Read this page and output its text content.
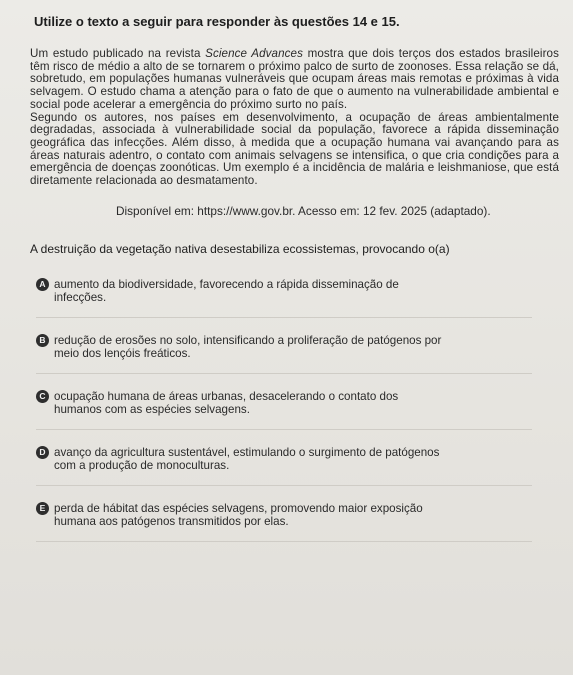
Utilize o texto a seguir para responder às questões 14 e 15.
Um estudo publicado na revista Science Advances mostra que dois terços dos estados brasileiros têm risco de médio a alto de se tornarem o próximo palco de surto de zoonoses. Essa relação se dá, sobretudo, em populações humanas vulneráveis que ocupam áreas mais remotas e próximas à vida selvagem. O estudo chama a atenção para o fato de que o aumento na vulnerabilidade ambiental e social pode acelerar a emergência do próximo surto no país.
Segundo os autores, nos países em desenvolvimento, a ocupação de áreas ambientalmente degradadas, associada à vulnerabilidade social da população, favorece a rápida disseminação geográfica das infecções. Além disso, à medida que a ocupação humana vai avançando para as áreas naturais adentro, o contato com animais selvagens se intensifica, o que cria condições para a emergência de doenças zoonóticas. Um exemplo é a incidência de malária e leishmaniose, que está diretamente relacionada ao desmatamento.
Disponível em: https://www.gov.br. Acesso em: 12 fev. 2025 (adaptado).
A destruição da vegetação nativa desestabiliza ecossistemas, provocando o(a)
A aumento da biodiversidade, favorecendo a rápida disseminação de
infecções.
B redução de erosões no solo, intensificando a proliferação de patógenos por
meio dos lençóis freáticos.
C ocupação humana de áreas urbanas, desacelerando o contato dos
humanos com as espécies selvagens.
D avanço da agricultura sustentável, estimulando o surgimento de patógenos
com a produção de monoculturas.
E perda de hábitat das espécies selvagens, promovendo maior exposição
humana aos patógenos transmitidos por elas.
